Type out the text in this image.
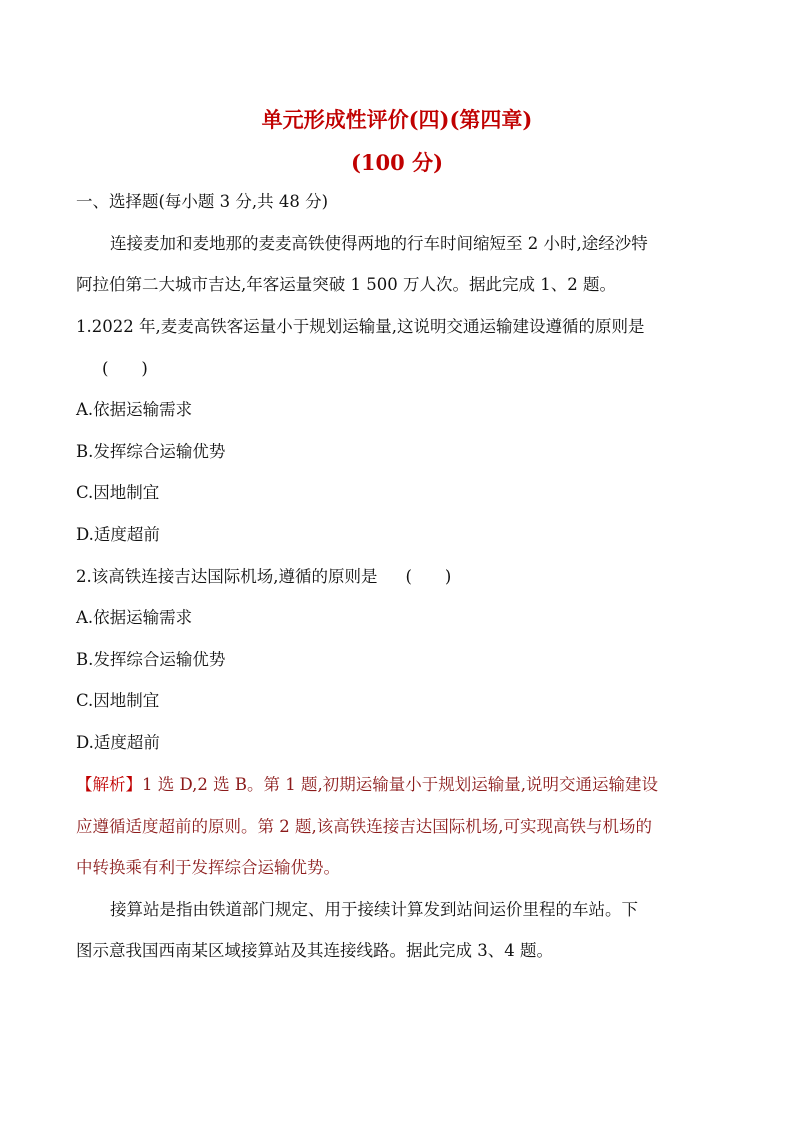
单元形成性评价(四)(第四章)
(100 分)
一、选择题(每小题 3 分,共 48 分)
连接麦加和麦地那的麦麦高铁使得两地的行车时间缩短至 2 小时,途经沙特
阿拉伯第二大城市吉达,年客运量突破 1 500 万人次。据此完成 1、2 题。
1.2022 年,麦麦高铁客运量小于规划运输量,这说明交通运输建设遵循的原则是
(　　)
A.依据运输需求
B.发挥综合运输优势
C.因地制宜
D.适度超前
2.该高铁连接吉达国际机场,遵循的原则是 (　　)
A.依据运输需求
B.发挥综合运输优势
C.因地制宜
D.适度超前
【解析】1 选 D,2 选 B。第 1 题,初期运输量小于规划运输量,说明交通运输建设
应遵循适度超前的原则。第 2 题,该高铁连接吉达国际机场,可实现高铁与机场的
中转换乘有利于发挥综合运输优势。
接算站是指由铁道部门规定、用于接续计算发到站间运价里程的车站。下
图示意我国西南某区域接算站及其连接线路。据此完成 3、4 题。
